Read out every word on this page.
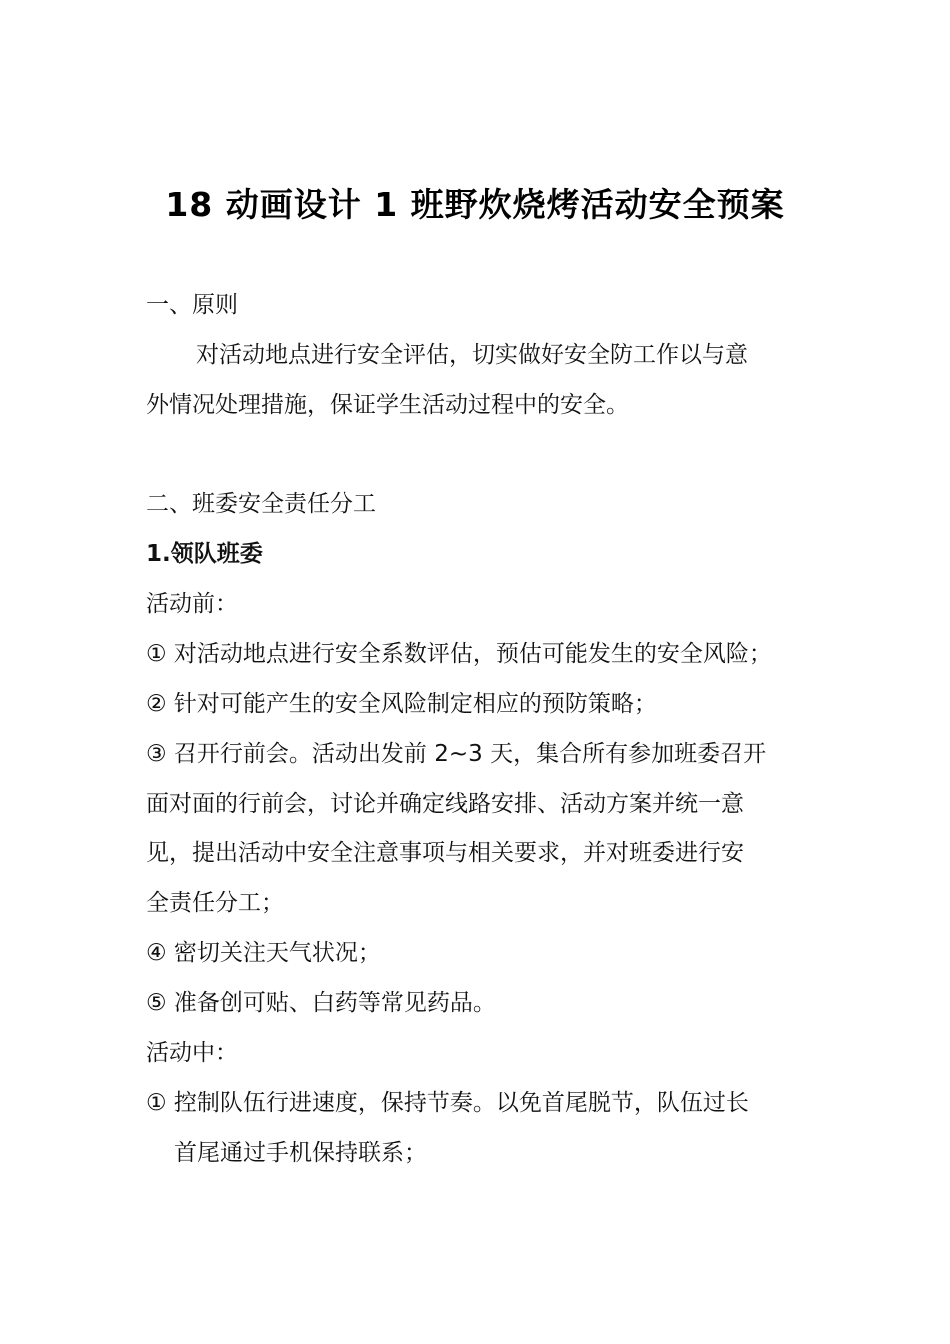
18 动画设计 1 班野炊烧烤活动安全预案

一、原则

对活动地点进行安全评估，切实做好安全防工作以与意

外情况处理措施，保证学生活动过程中的安全。

二、班委安全责任分工

1.领队班委

活动前：

① 对活动地点进行安全系数评估，预估可能发生的安全风险；

② 针对可能产生的安全风险制定相应的预防策略；

③ 召开行前会。活动出发前 2~3 天，集合所有参加班委召开

面对面的行前会，讨论并确定线路安排、活动方案并统一意

见，提出活动中安全注意事项与相关要求，并对班委进行安

全责任分工；

④ 密切关注天气状况；

⑤ 准备创可贴、白药等常见药品。

活动中：

① 控制队伍行进速度，保持节奏。以免首尾脱节，队伍过长

首尾通过手机保持联系；
